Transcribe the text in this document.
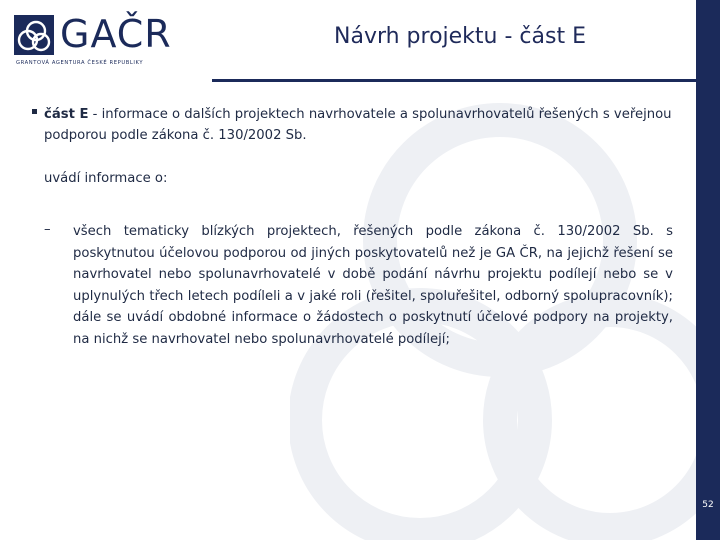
GAČR
GRANTOVÁ AGENTURA ČESKÉ REPUBLIKY
Návrh projektu - část E
52
část E - informace o dalších projektech navrhovatele a spolunavrhovatelů řešených s veřejnou podporou podle zákona č. 130/2002 Sb.
uvádí informace o:
– všech tematicky blízkých projektech, řešených podle zákona č. 130/2002 Sb. s poskytnutou účelovou podporou od jiných poskytovatelů než je GA ČR, na jejichž řešení se navrhovatel nebo spolunavrhovatelé v době podání návrhu projektu podílejí nebo se v uplynulých třech letech podíleli a v jaké roli (řešitel, spoluřešitel, odborný spolupracovník); dále se uvádí obdobné informace o žádostech o poskytnutí účelové podpory na projekty, na nichž se navrhovatel nebo spolunavrhovatelé podílejí;
